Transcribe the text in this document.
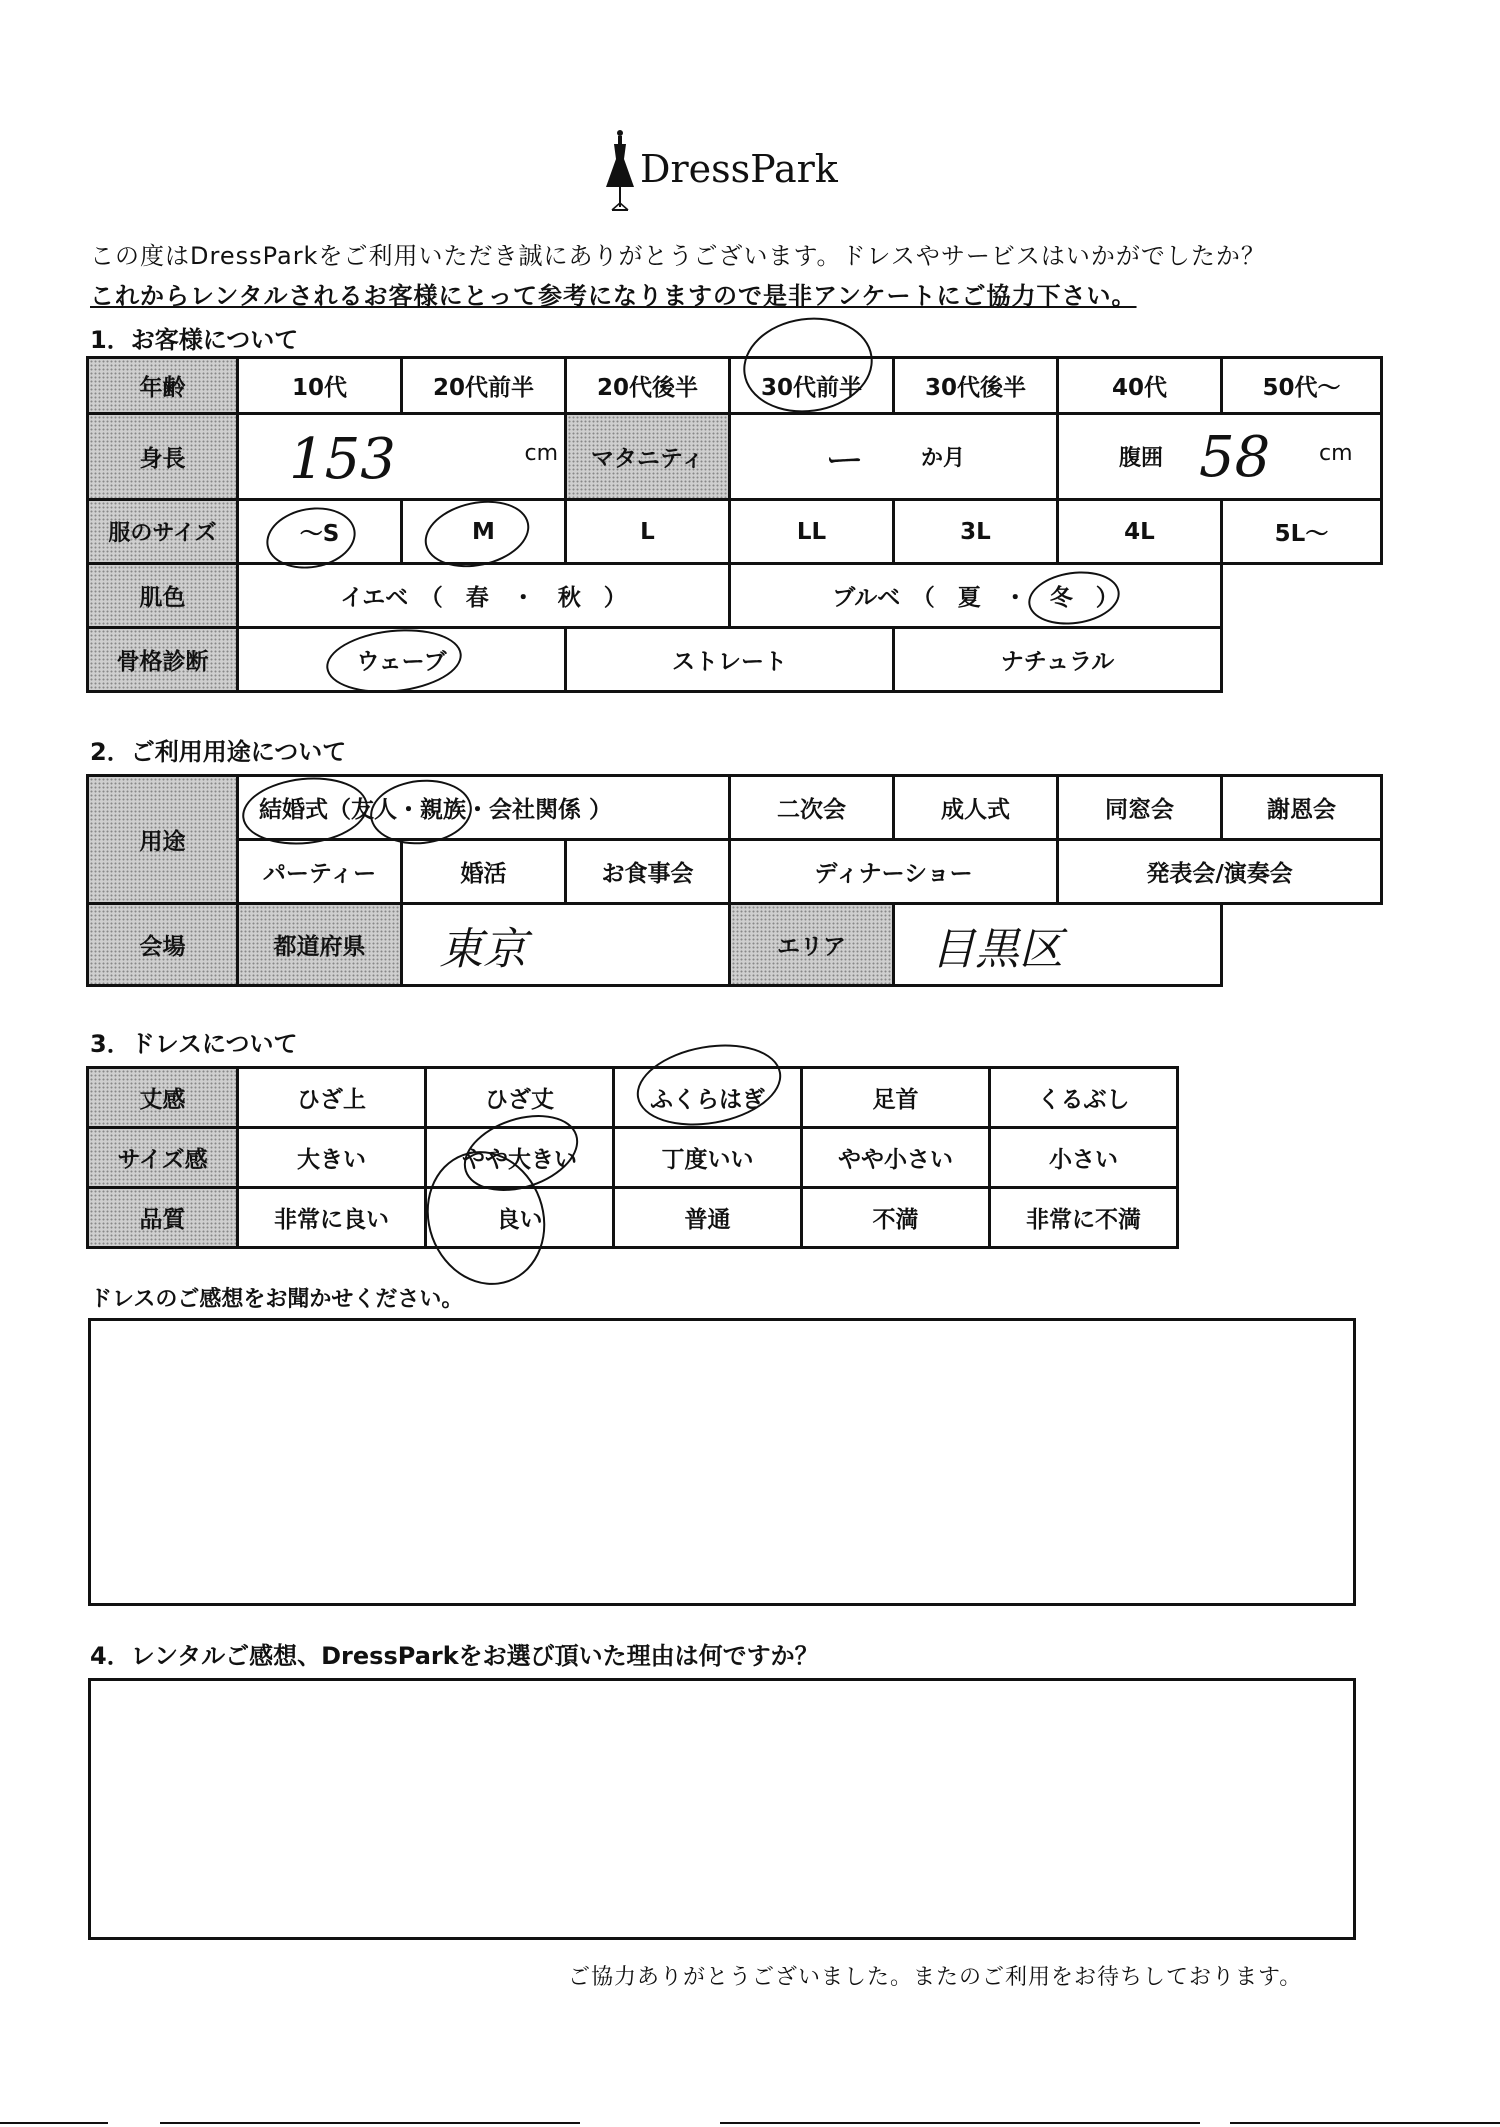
DressPark
この度はDressParkをご利用いただき誠にありがとうございます。ドレスやサービスはいかがでしたか？
これからレンタルされるお客様にとって参考になりますので是非アンケートにご協力下さい。
1．お客様について
年齢	10代	20代前半	20代後半	30代前半	30代後半	40代	50代～
身長	153 cm		マタニティ	ー か月		腹囲 58 cm	

服のサイズ	～S	M	L	LL	3L	4L	5L～
肌色	イエベ　（　春　・　秋　）			ブルベ　（　夏　・　冬　）			
骨格診断	ウェーブ		ストレート		ナチュラル		
2．ご利用用途について
用途	結婚式（友人・親族・会社関係 ）			二次会	成人式	同窓会	謝恩会
	パーティー	婚活	お食事会	ディナーショー		発表会/演奏会	
会場	都道府県	東京		エリア	目黒区		
3．ドレスについて
丈感	ひざ上	ひざ丈	ふくらはぎ	足首	くるぶし
サイズ感	大きい	やや大きい	丁度いい	やや小さい	小さい
品質	非常に良い	良い	普通	不満	非常に不満
ドレスのご感想をお聞かせください。
4．レンタルご感想、DressParkをお選び頂いた理由は何ですか？
ご協力ありがとうございました。またのご利用をお待ちしております。
